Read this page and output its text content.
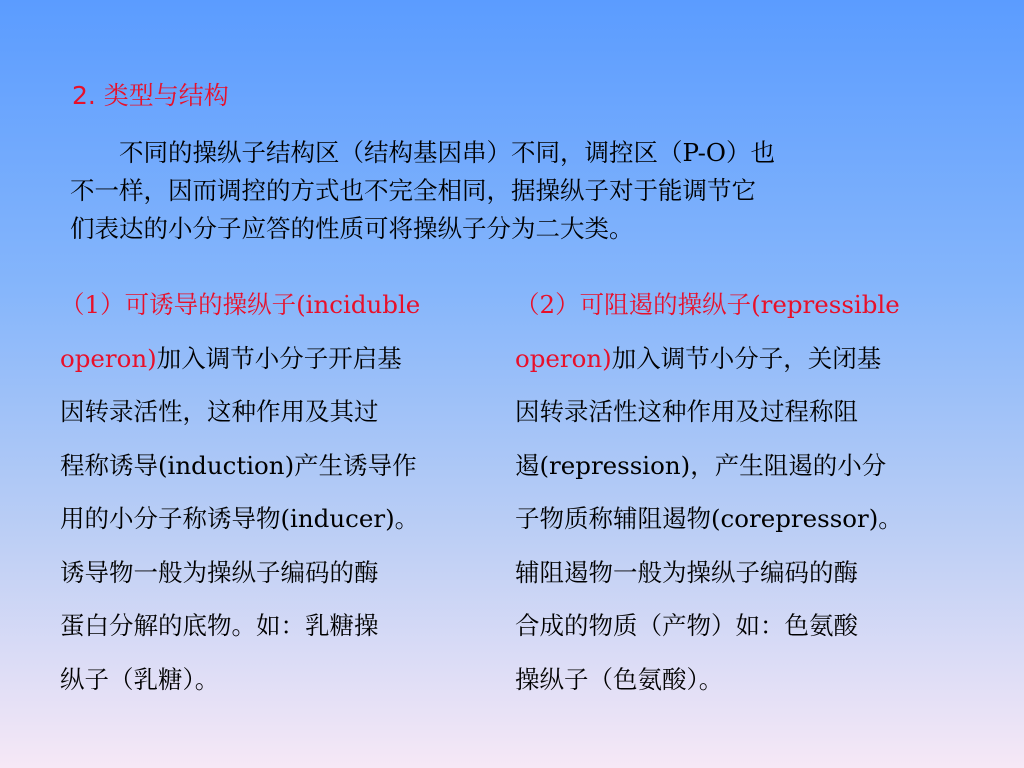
2. 类型与结构
不同的操纵子结构区（结构基因串）不同，调控区（P-O）也
不一样，因而调控的方式也不完全相同，据操纵子对于能调节它
们表达的小分子应答的性质可将操纵子分为二大类。

（1）可诱导的操纵子(inciduble

operon)加入调节小分子开启基

因转录活性，这种作用及其过

程称诱导(induction)产生诱导作

用的小分子称诱导物(inducer)。

诱导物一般为操纵子编码的酶

蛋白分解的底物。如：乳糖操

纵子（乳糖）。

（2）可阻遏的操纵子(repressible

operon)加入调节小分子，关闭基

因转录活性这种作用及过程称阻

遏(repression)，产生阻遏的小分

子物质称辅阻遏物(corepressor)。

辅阻遏物一般为操纵子编码的酶

合成的物质（产物）如：色氨酸

操纵子（色氨酸）。
